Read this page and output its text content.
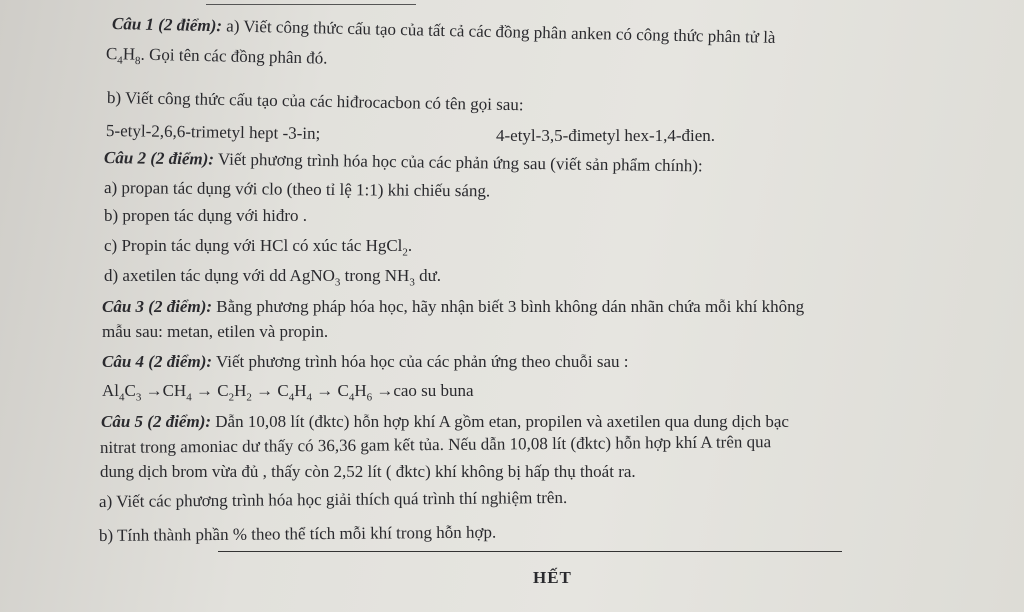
Câu 1 (2 điểm): a) Viết công thức cấu tạo của tất cả các đồng phân anken có công thức phân tử là
$C_4H_8$. Gọi tên các đồng phân đó.
b) Viết công thức cấu tạo của các hiđrocacbon có tên gọi sau:
5-etyl-2,6,6-trimetyl hept -3-in;	4-etyl-3,5-đimetyl hex-1,4-đien.
Câu 2 (2 điểm): Viết phương trình hóa học của các phản ứng sau (viết sản phẩm chính):
a) propan tác dụng với clo (theo tỉ lệ 1:1) khi chiếu sáng.
b) propen tác dụng với hiđro .
c) Propin tác dụng với HCl có xúc tác HgCl$_2$.
d) axetilen tác dụng với dd AgNO$_3$ trong $NH_3$ dư.
Câu 3 (2 điểm): Bằng phương pháp hóa học, hãy nhận biết 3 bình không dán nhãn chứa mỗi khí không
mẫu sau: metan, etilen và propin.
Câu 4 (2 điểm): Viết phương trình hóa học của các phản ứng theo chuỗi sau :
$Al_4C_3 \to CH_4 \to C_2H_2 \to C_4H_4 \to C_4H_6 \to cao$ su buna
Câu 5 (2 điểm): Dẫn 10,08 lít (đktc) hỗn hợp khí A gồm etan, propilen và axetilen qua dung dịch bạc
nitrat trong amoniac dư thấy có 36,36 gam kết tủa. Nếu dẫn 10,08 lít (đktc) hỗn hợp khí A trên qua
dung dịch brom vừa đủ , thấy còn 2,52 lít ( đktc) khí không bị hấp thụ thoát ra.
a) Viết các phương trình hóa học giải thích quá trình thí nghiệm trên.
b) Tính thành phần % theo thể tích mỗi khí trong hỗn hợp.
HẾT
